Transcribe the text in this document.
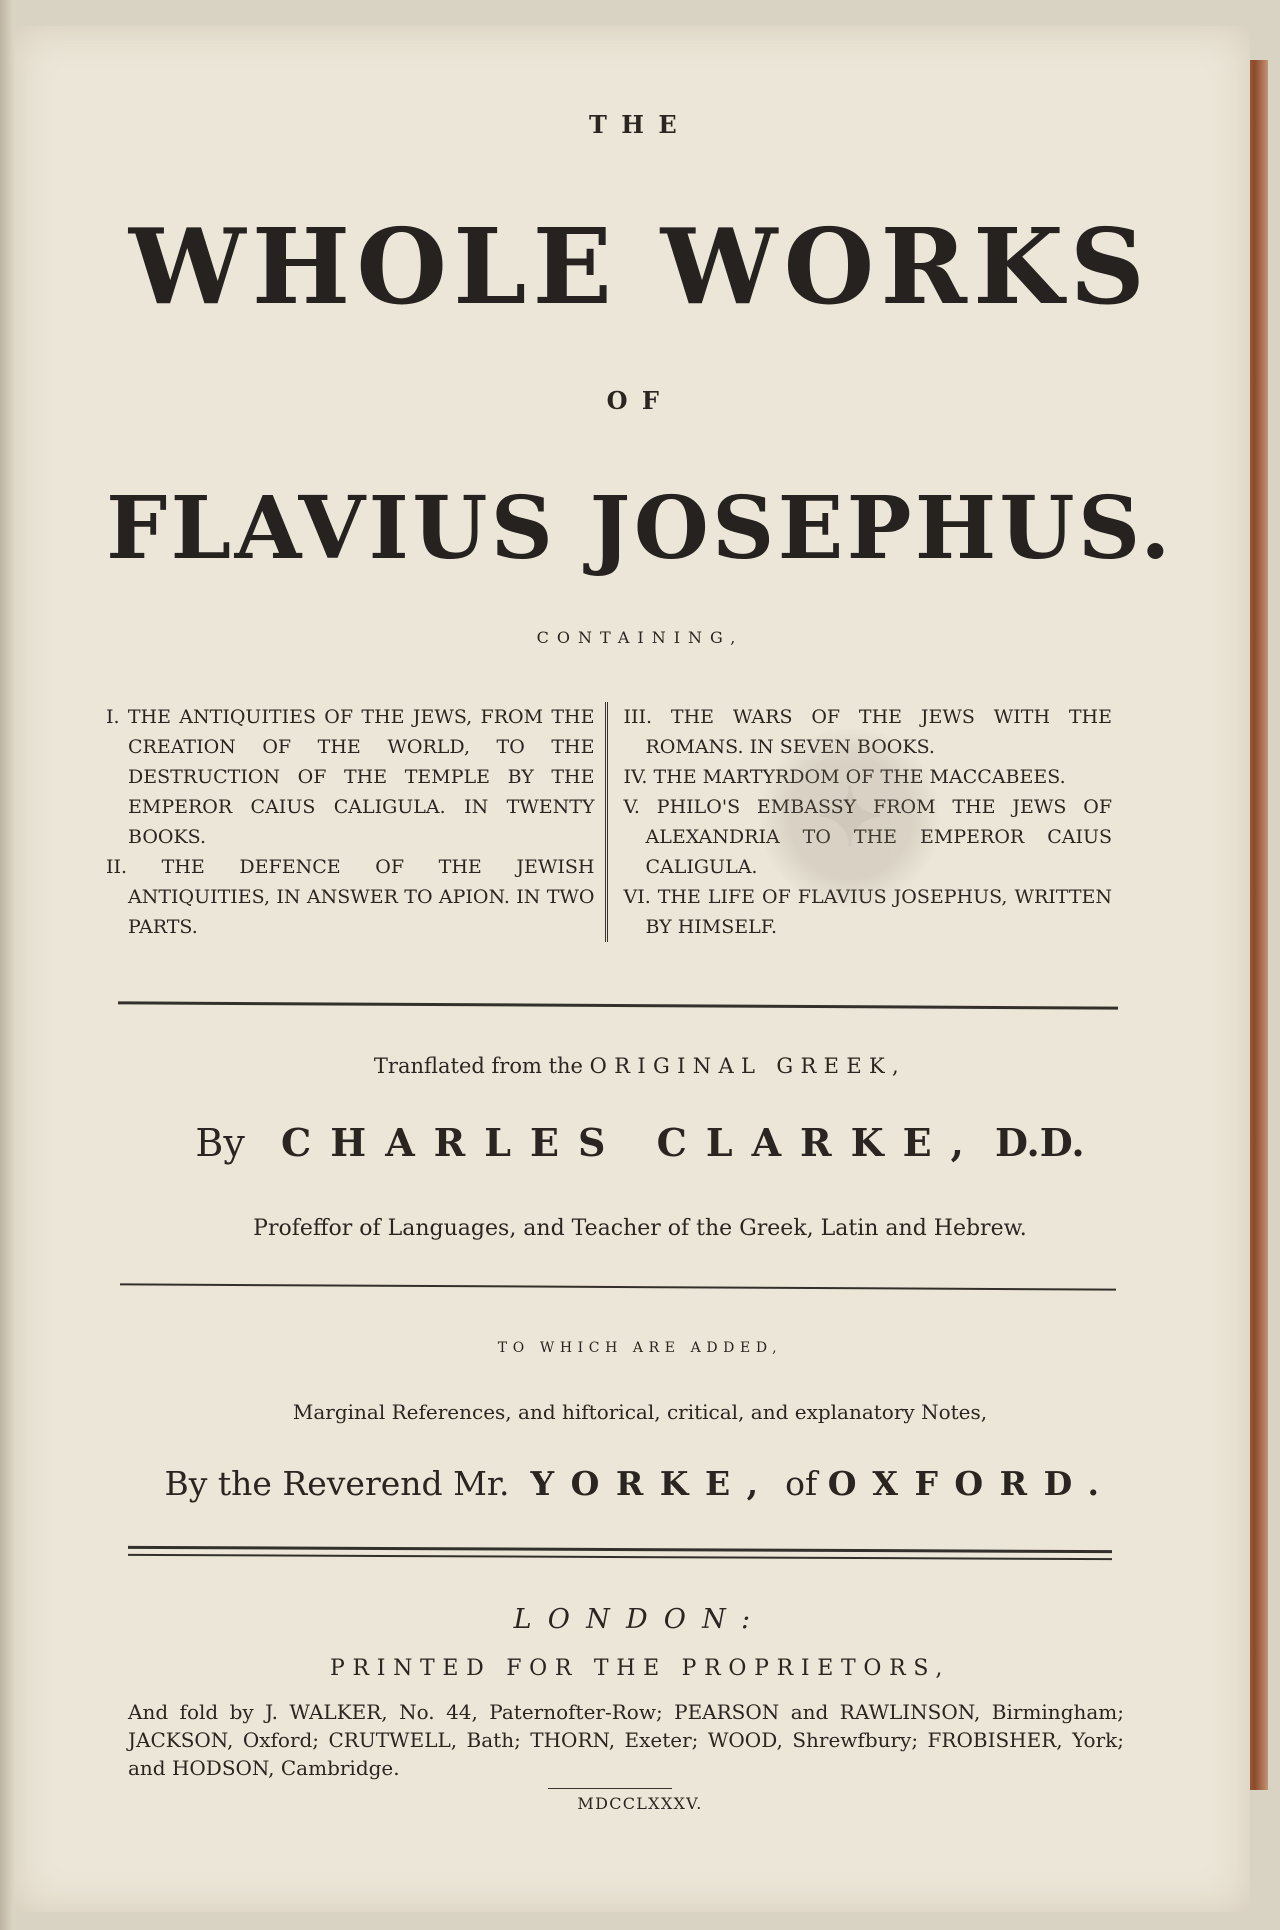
THE
WHOLE WORKS
OF
FLAVIUS JOSEPHUS.
CONTAINING,

I. THE ANTIQUITIES OF THE JEWS, FROM THE CREATION OF THE WORLD, TO THE DESTRUCTION OF THE TEMPLE BY THE EMPEROR CAIUS CALIGULA. IN TWENTY BOOKS.

II. THE DEFENCE OF THE JEWISH ANTIQUITIES, IN ANSWER TO APION. IN TWO PARTS.

III. THE WARS OF THE JEWS WITH THE ROMANS. IN SEVEN BOOKS.

IV. THE MARTYRDOM OF THE MACCABEES.

V. PHILO'S EMBASSY FROM THE JEWS OF ALEXANDRIA TO THE EMPEROR CAIUS CALIGULA.

VI. THE LIFE OF FLAVIUS JOSEPHUS, WRITTEN BY HIMSELF.

✦
Tranflated from the ORIGINAL GREEK,
By CHARLES CLARKE, D.D.
Profeffor of Languages, and Teacher of the Greek, Latin and Hebrew.
TO WHICH ARE ADDED,
Marginal References, and hiftorical, critical, and explanatory Notes,
By the Reverend Mr. YORKE, of OXFORD.
LONDON:
PRINTED FOR THE PROPRIETORS,
And fold by J. WALKER, No. 44, Paternofter-Row; PEARSON and RAWLINSON, Birmingham; JACKSON, Oxford; CRUTWELL, Bath; THORN, Exeter; WOOD, Shrewfbury; FROBISHER, York; and HODSON, Cambridge.
MDCCLXXXV.
